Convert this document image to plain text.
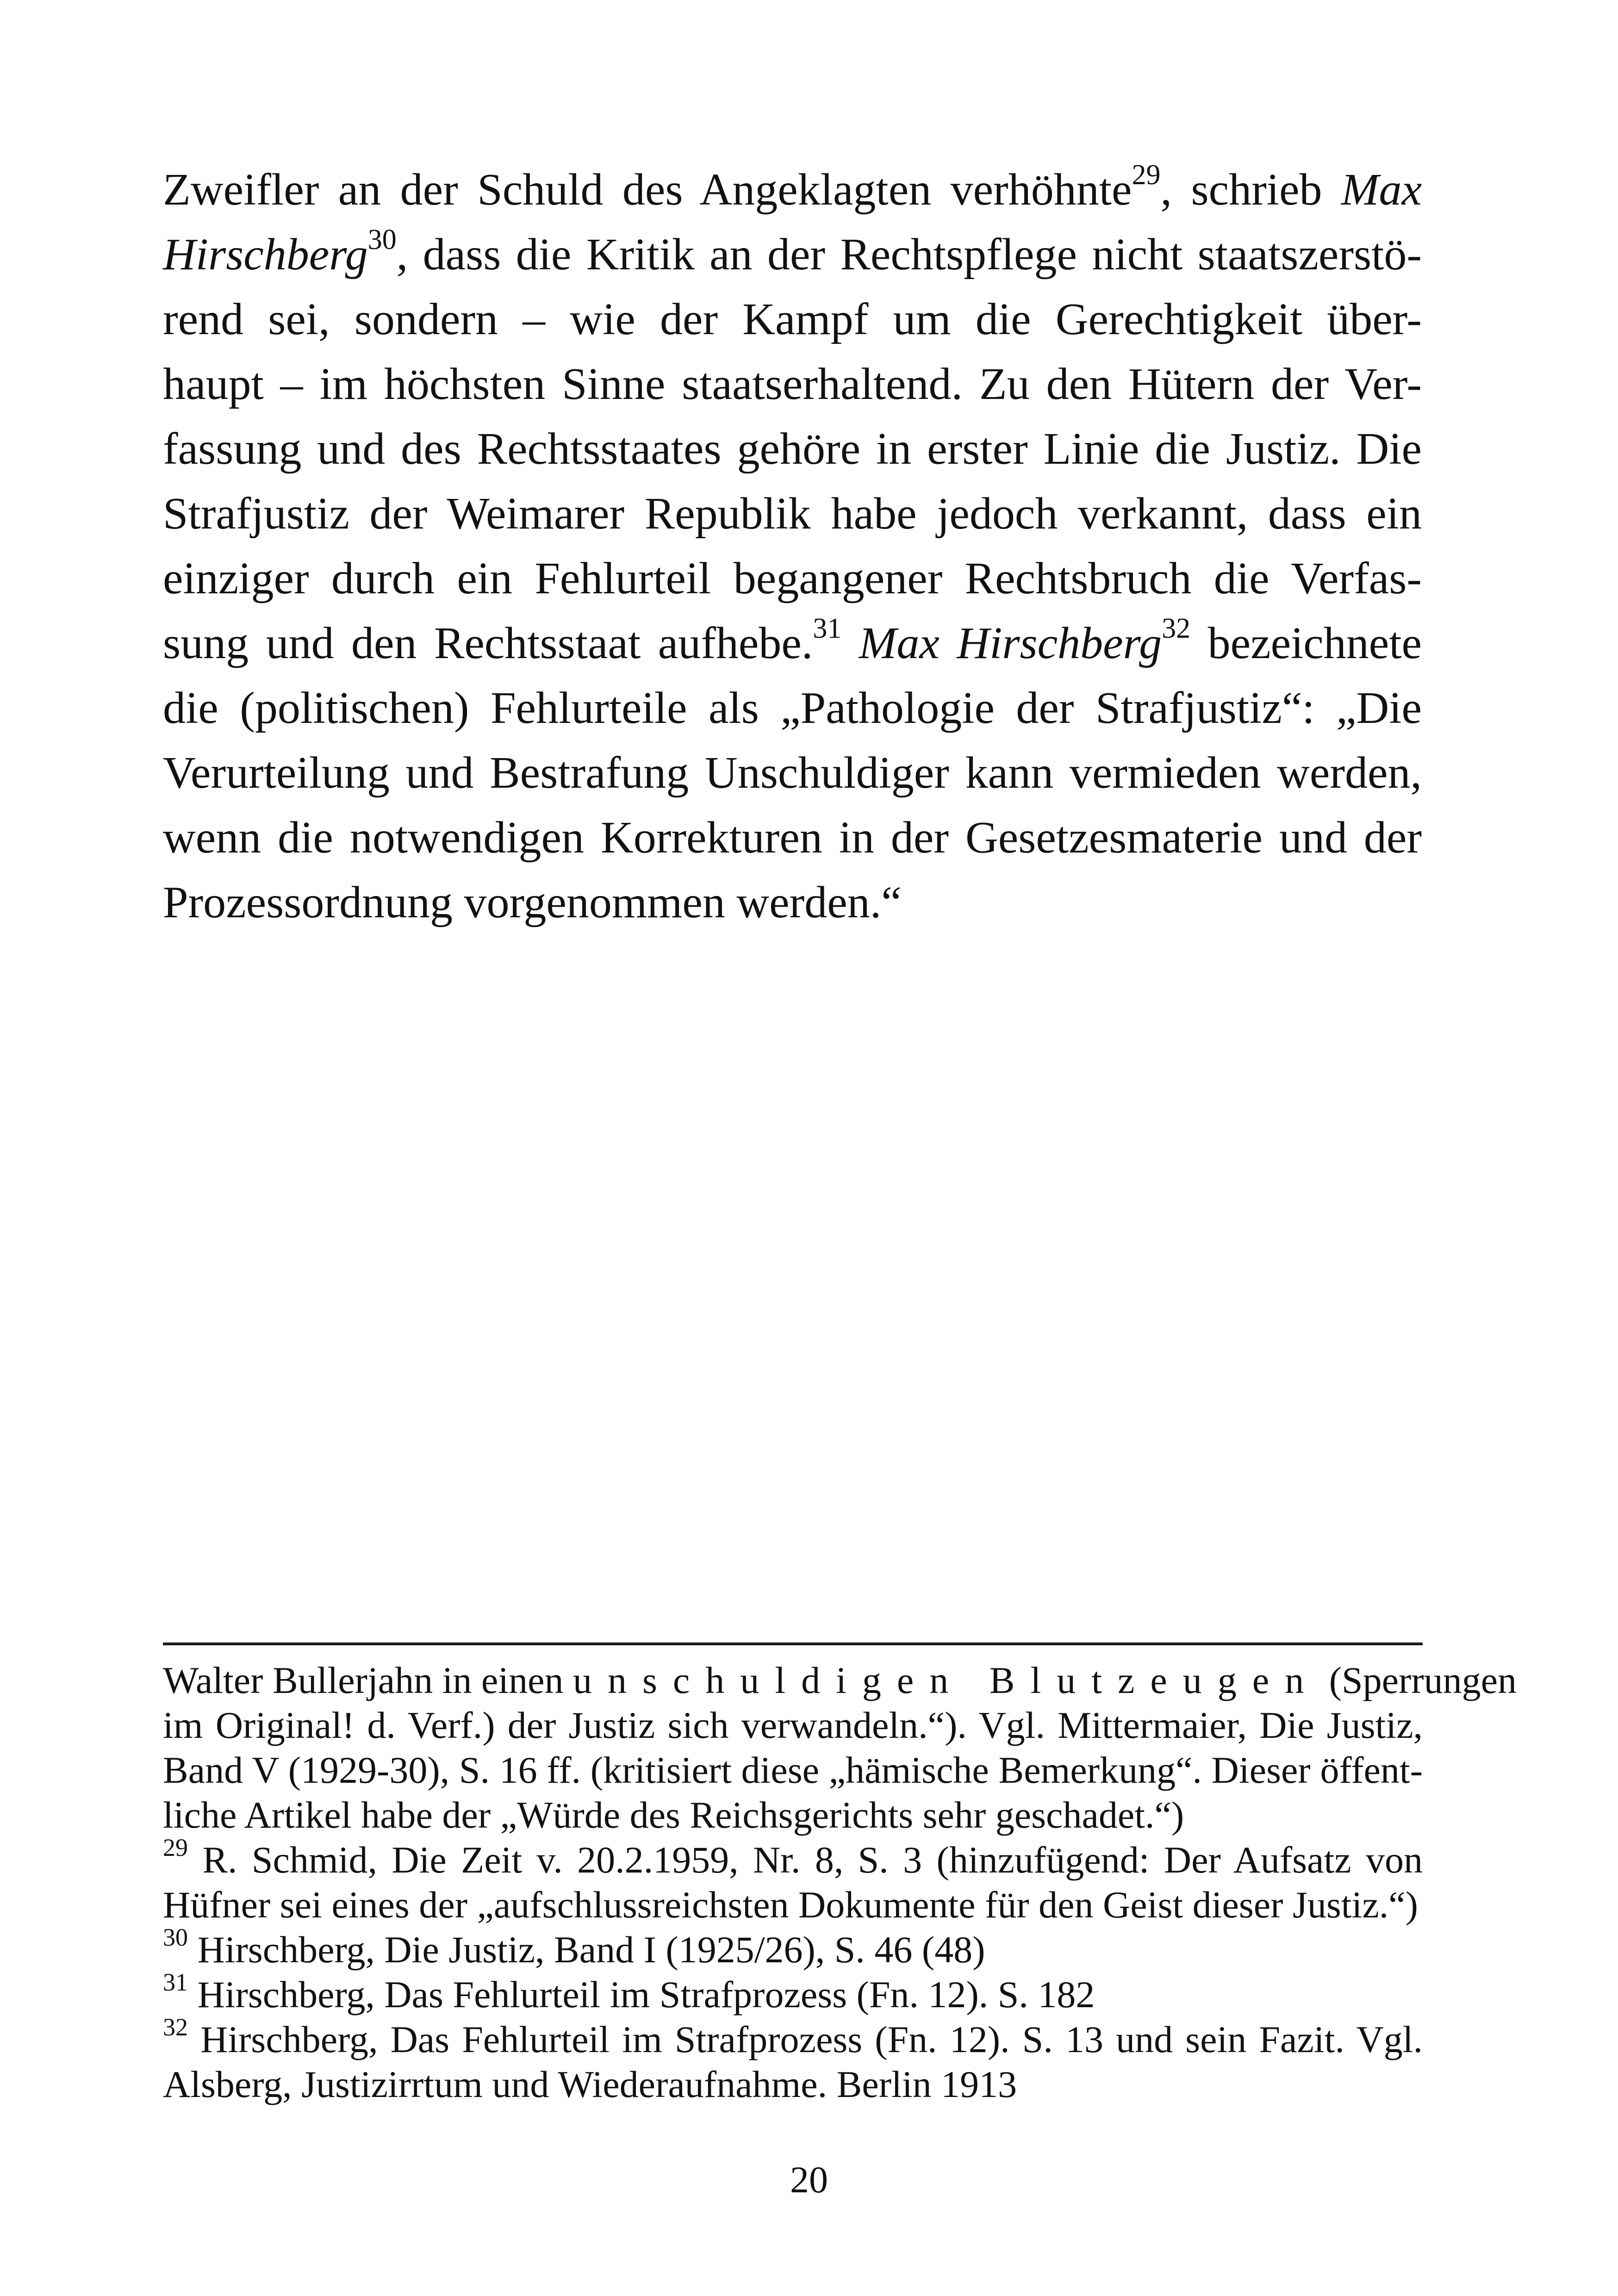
Zweifler an der Schuld des Angeklagten verhöhnte$^{29}$, schrieb Max
Hirschberg$^{30}$, dass die Kritik an der Rechtspflege nicht staatszerstö-
rend sei, sondern – wie der Kampf um die Gerechtigkeit über-
haupt – im höchsten Sinne staatserhaltend. Zu den Hütern der Ver-
fassung und des Rechtsstaates gehöre in erster Linie die Justiz. Die
Strafjustiz der Weimarer Republik habe jedoch verkannt, dass ein
einziger durch ein Fehlurteil begangener Rechtsbruch die Verfas-
sung und den Rechtsstaat aufhebe.$^{31}$ Max Hirschberg$^{32}$ bezeichnete
die (politischen) Fehlurteile als „Pathologie der Strafjustiz“: „Die
Verurteilung und Bestrafung Unschuldiger kann vermieden werden,
wenn die notwendigen Korrekturen in der Gesetzesmaterie und der
Prozessordnung vorgenommen werden.“
Walter Bullerjahn in einen unschuldigen Blutzeugen (Sperrungen
im Original! d. Verf.) der Justiz sich verwandeln.“). Vgl. Mittermaier, Die Justiz,
Band V (1929-30), S. 16 ff. (kritisiert diese „hämische Bemerkung“. Dieser öffent-
liche Artikel habe der „Würde des Reichsgerichts sehr geschadet.“)
$^{29}$ R. Schmid, Die Zeit v. 20.2.1959, Nr. 8, S. 3 (hinzufügend: Der Aufsatz von
Hüfner sei eines der „aufschlussreichsten Dokumente für den Geist dieser Justiz.“)
$^{30}$ Hirschberg, Die Justiz, Band I (1925/26), S. 46 (48)
$^{31}$ Hirschberg, Das Fehlurteil im Strafprozess (Fn. 12). S. 182
$^{32}$ Hirschberg, Das Fehlurteil im Strafprozess (Fn. 12). S. 13 und sein Fazit. Vgl.
Alsberg, Justizirrtum und Wiederaufnahme. Berlin 1913
20
